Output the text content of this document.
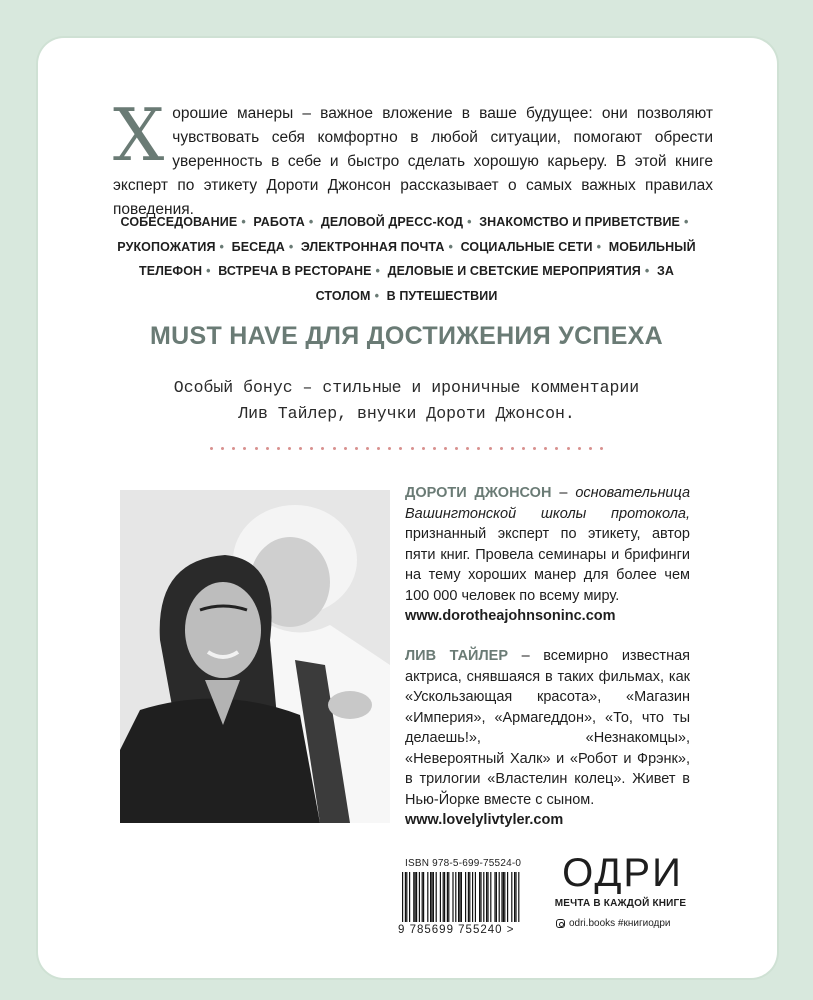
Х орошие манеры – важное вложение в ваше будущее: они позволяют чувствовать себя комфортно в любой ситуации, помогают обрести уверенность в себе и быстро сделать хорошую карьеру. В этой книге эксперт по этикету Дороти Джонсон рассказывает о самых важных правилах поведения.

СОБЕСЕДОВАНИЕ • РАБОТА • ДЕЛОВОЙ ДРЕСС-КОД • ЗНАКОМСТВО И ПРИВЕТСТВИЕ • РУКОПОЖАТИЯ • БЕСЕДА • ЭЛЕКТРОННАЯ ПОЧТА • СОЦИАЛЬНЫЕ СЕТИ • МОБИЛЬНЫЙ ТЕЛЕФОН • ВСТРЕЧА В РЕСТОРАНЕ • ДЕЛОВЫЕ И СВЕТСКИЕ МЕРОПРИЯТИЯ • ЗА СТОЛОМ • В ПУТЕШЕСТВИИ
MUST HAVE ДЛЯ ДОСТИЖЕНИЯ УСПЕХА
Особый бонус – стильные и ироничные комментарии
Лив Тайлер, внучки Дороти Джонсон.
ДОРОТИ ДЖОНСОН – основательница Вашингтонской школы протокола, признанный эксперт по этикету, автор пяти книг. Провела семинары и брифинги на тему хороших манер для более чем 100 000 человек по всему миру.
www.dorotheajohnsoninc.com
ЛИВ ТАЙЛЕР – всемирно известная актриса, снявшаяся в таких фильмах, как «Ускользающая красота», «Магазин «Империя», «Армагеддон», «То, что ты делаешь!», «Незнакомцы», «Невероятный Халк» и «Робот и Фрэнк», в трилогии «Властелин колец». Живет в Нью-Йорке вместе с сыном.
www.lovelylivtyler.com
ISBN 978-5-699-75524-0
9 785699 755240 >
ОДРИ
МЕЧТА В КАЖДОЙ КНИГЕ
odri.books #книгиодри
